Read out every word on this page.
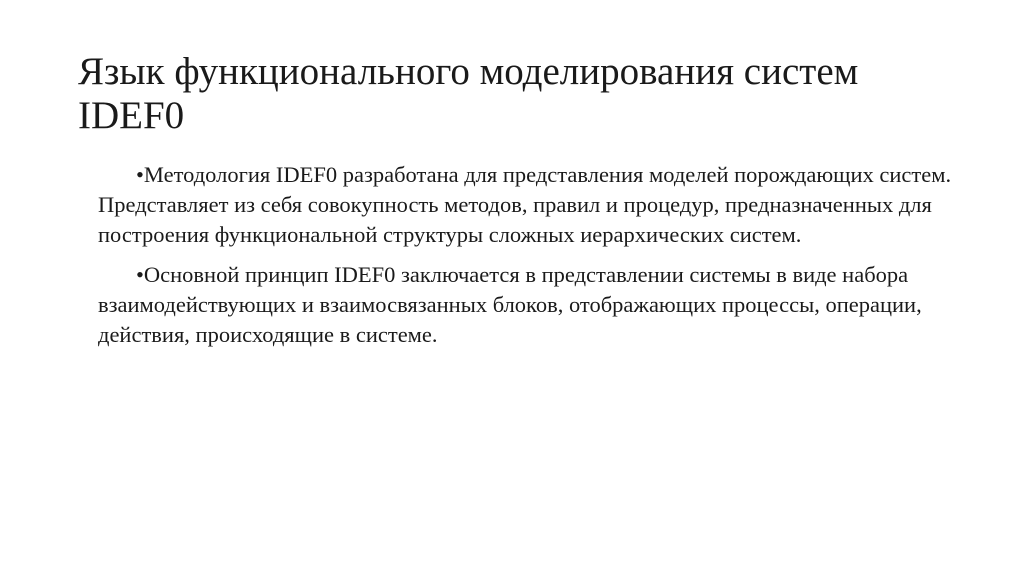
Язык функционального моделирования систем IDEF0

•Методология IDEF0 разработана для представления моделей порождающих систем. Представляет из себя совокупность методов, правил и процедур, предназначенных для построения функциональной структуры сложных иерархических систем.

•Основной принцип IDEF0 заключается в представлении системы в виде набора взаимодействующих и взаимосвязанных блоков, отображающих процессы, операции, действия, происходящие в системе.
